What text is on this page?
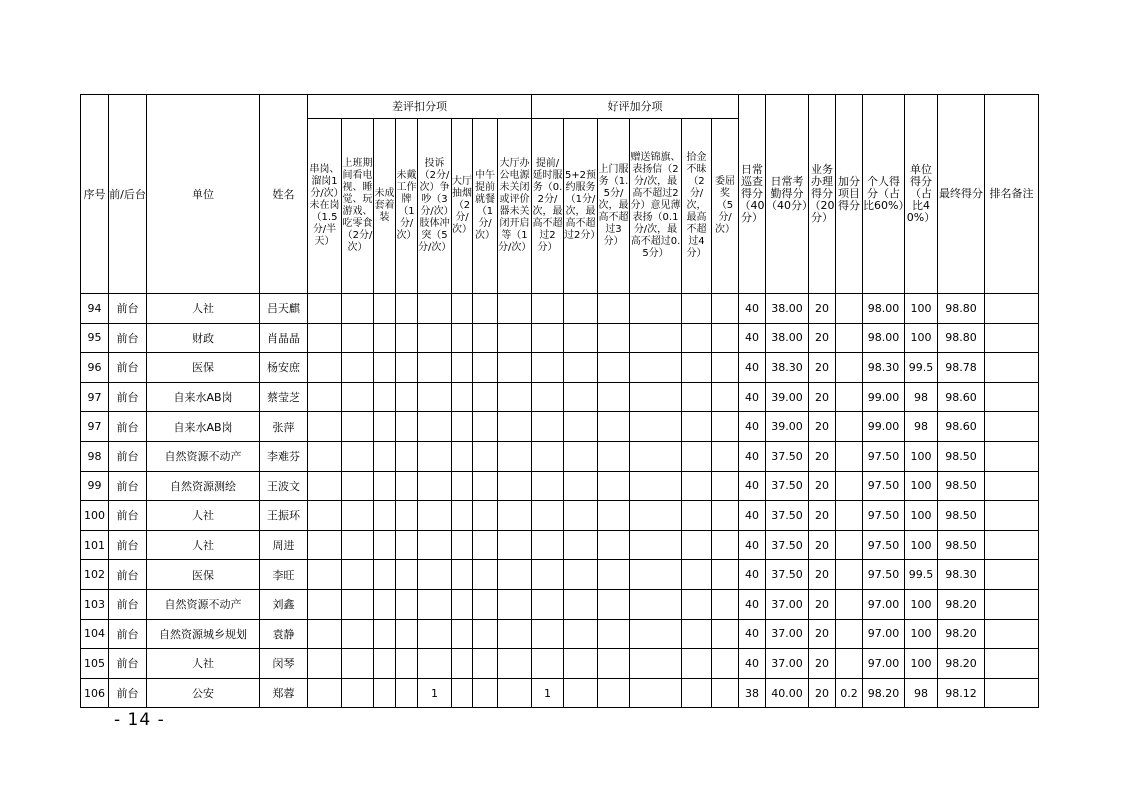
序号	前/后台	单位	姓名	差评扣分项								好评加分项						日常巡查得分（40分）	日常考勤得分（40分）	业务办理得分（20分）	加分项目得分	个人得分（占比60%）	单位得分（占比40%）	最终得分	排名备注
				串岗、溜岗1分/次）未在岗（1.5分/半天）	上班期间看电视、睡觉、玩游戏、吃零食（2分/次）	未成套着装	未戴工作牌（1分/次）	投诉（2分/次）争吵（3分/次）肢体冲突（5分/次）	大厅抽烟（2分/次）	中午提前就餐（1分/次）	大厅办公电源未关闭或评价器未关闭开启等（1分/次）	提前/延时服务（0.2分/次，最高不超过2分）	5+2预约服务（1分/次，最高不超过2分）	上门服务（1.5分/次，最高不超过3分）	赠送锦旗、表扬信（2分/次，最高不超过2分）意见薄表扬（0.1分/次，最高不超过0.5分）	拾金不昧（2分/次，最高不超过4分）	委屈奖（5分/次）								
94	前台	人社	吕天麒															40	38.00	20		98.00	100	98.80	
95	前台	财政	肖晶晶															40	38.00	20		98.00	100	98.80	
96	前台	医保	杨安庶															40	38.30	20		98.30	99.5	98.78	
97	前台	自来水AB岗	蔡莹芝															40	39.00	20		99.00	98	98.60	
97	前台	自来水AB岗	张萍															40	39.00	20		99.00	98	98.60	
98	前台	自然资源不动产	李难芬															40	37.50	20		97.50	100	98.50	
99	前台	自然资源测绘	王波文															40	37.50	20		97.50	100	98.50	
100	前台	人社	王振环															40	37.50	20		97.50	100	98.50	
101	前台	人社	周进															40	37.50	20		97.50	100	98.50	
102	前台	医保	李旺															40	37.50	20		97.50	99.5	98.30	
103	前台	自然资源不动产	刘鑫															40	37.00	20		97.00	100	98.20	
104	前台	自然资源城乡规划	袁静															40	37.00	20		97.00	100	98.20	
105	前台	人社	闵琴															40	37.00	20		97.00	100	98.20	
106	前台	公安	郑蓉					1				1						38	40.00	20	0.2	98.20	98	98.12	
- 14 -
